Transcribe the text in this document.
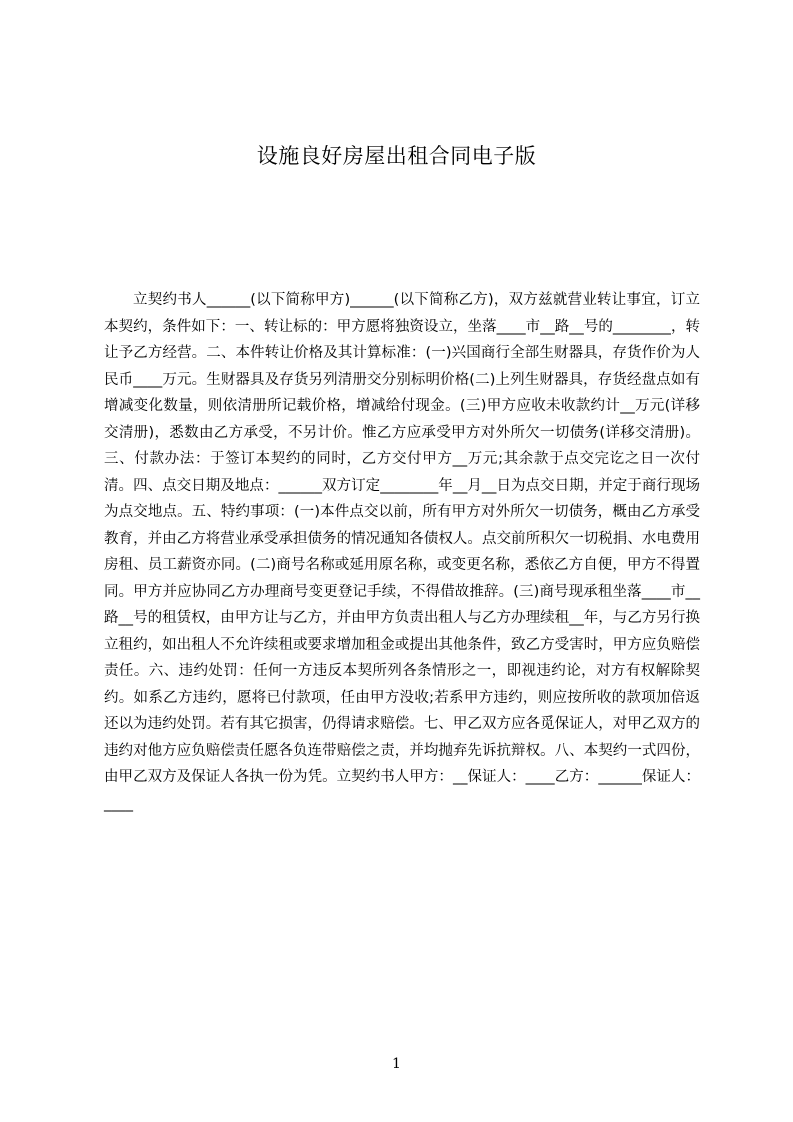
设施良好房屋出租合同电子版

立契约书人______(以下简称甲方)______(以下简称乙方)，双方兹就营业转让事宜，订立本契约，条件如下：一、转让标的：甲方愿将独资设立，坐落____市__路__号的________，转让予乙方经营。二、本件转让价格及其计算标准：(一)兴国商行全部生财器具，存货作价为人民币____万元。生财器具及存货另列清册交分别标明价格(二)上列生财器具，存货经盘点如有增减变化数量，则依清册所记载价格，增减给付现金。(三)甲方应收未收款约计__万元(详移交清册)，悉数由乙方承受，不另计价。惟乙方应承受甲方对外所欠一切债务(详移交清册)。三、付款办法：于签订本契约的同时，乙方交付甲方__万元;其余款于点交完讫之日一次付清。四、点交日期及地点：______双方订定________年__月__日为点交日期，并定于商行现场为点交地点。五、特约事项：(一)本件点交以前，所有甲方对外所欠一切债务，概由乙方承受教育，并由乙方将营业承受承担债务的情况通知各债权人。点交前所积欠一切税捐、水电费用房租、员工薪资亦同。(二)商号名称或延用原名称，或变更名称，悉依乙方自便，甲方不得置同。甲方并应协同乙方办理商号变更登记手续，不得借故推辞。(三)商号现承租坐落____市__路__号的租赁权，由甲方让与乙方，并由甲方负责出租人与乙方办理续租__年，与乙方另行换立租约，如出租人不允许续租或要求增加租金或提出其他条件，致乙方受害时，甲方应负赔偿责任。六、违约处罚：任何一方违反本契所列各条情形之一，即视违约论，对方有权解除契约。如系乙方违约，愿将已付款项，任由甲方没收;若系甲方违约，则应按所收的款项加倍返还以为违约处罚。若有其它损害，仍得请求赔偿。七、甲乙双方应各觅保证人，对甲乙双方的违约对他方应负赔偿责任愿各负连带赔偿之责，并均抛弃先诉抗辩权。八、本契约一式四份，由甲乙双方及保证人各执一份为凭。立契约书人甲方：__保证人：____乙方：______保证人：____

1
